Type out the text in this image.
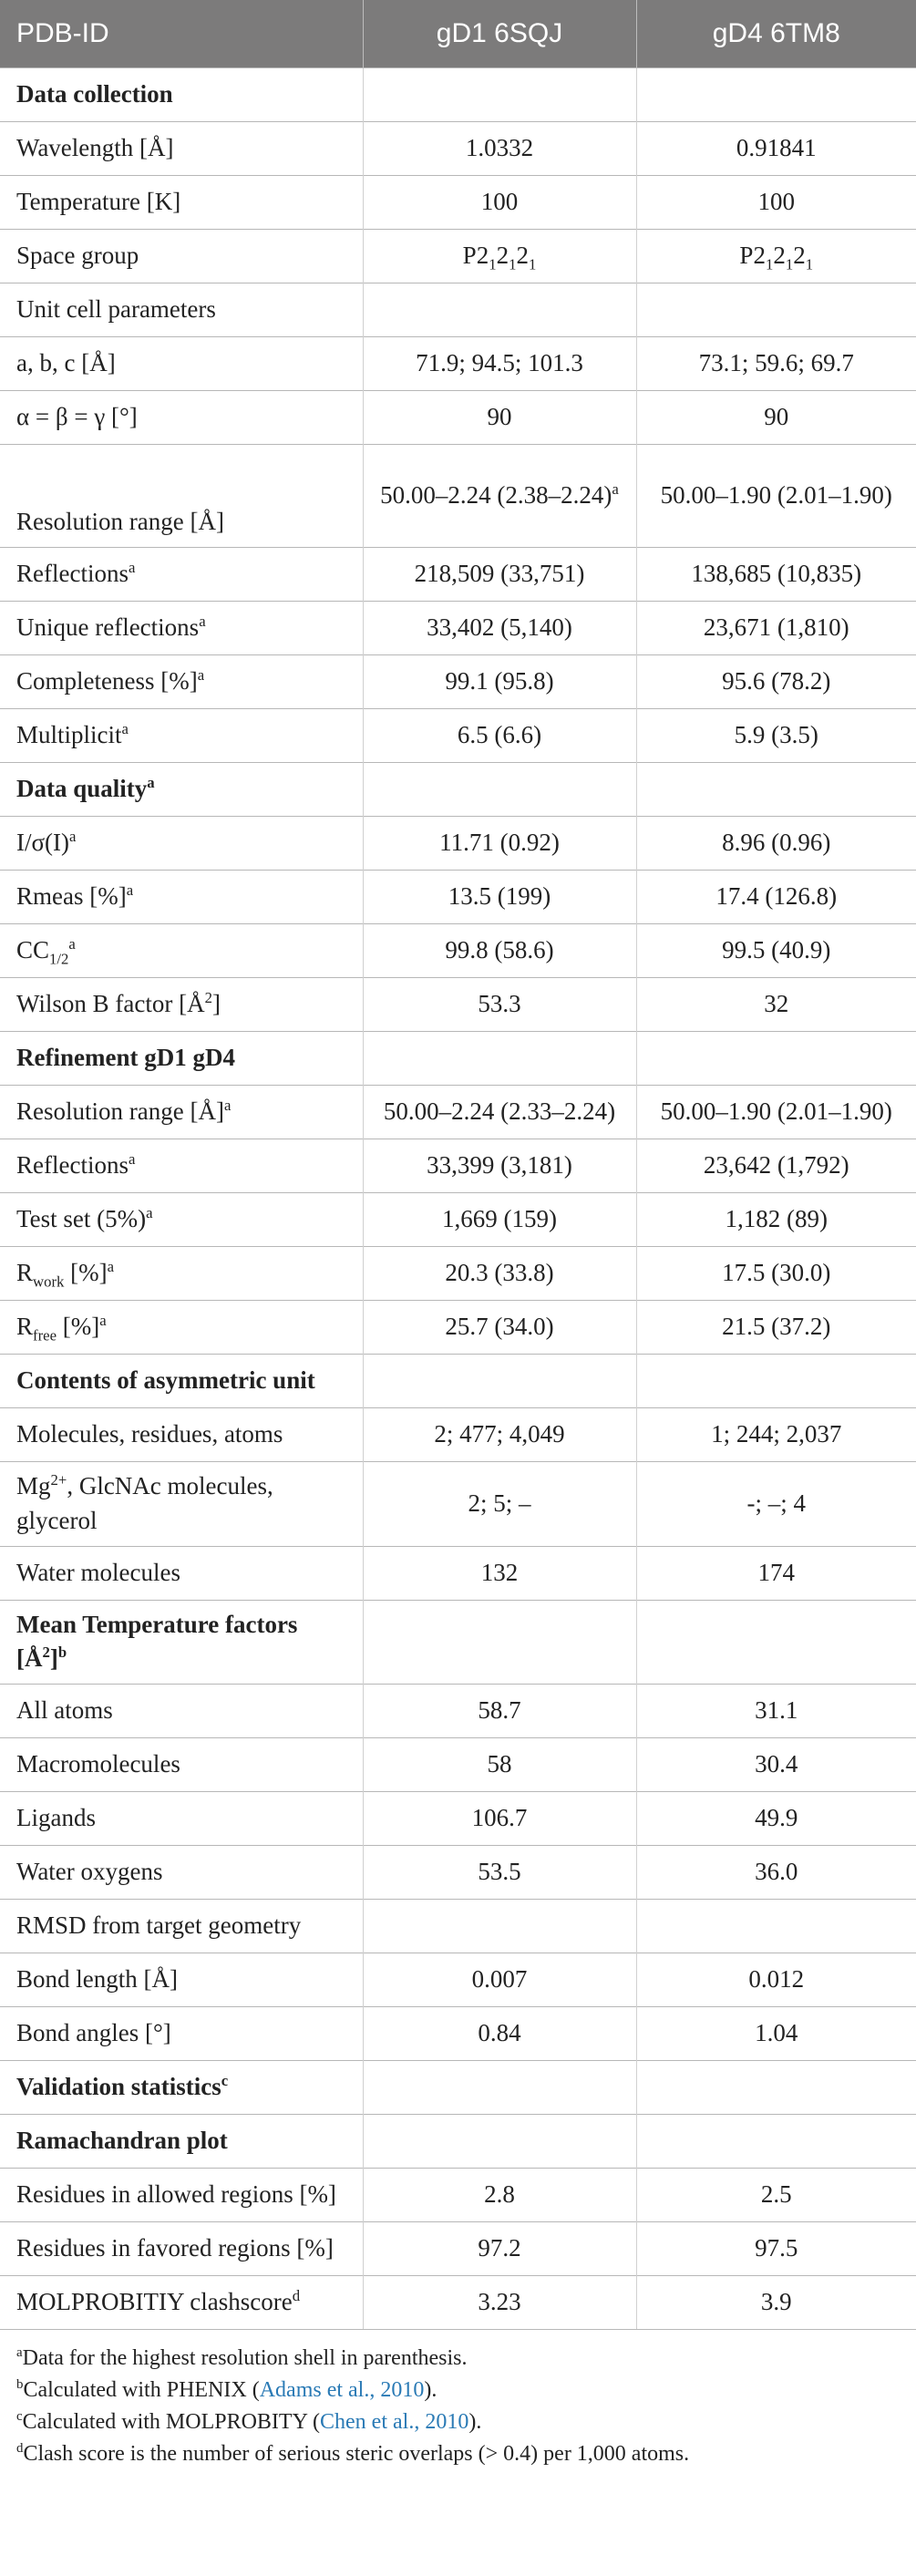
PDB-ID	gD1 6SQJ	gD4 6TM8
Data collection		
Wavelength [Å]	1.0332	0.91841
Temperature [K]	100	100
Space group	$P2_12_12_1$	$P2_12_12_1$
Unit cell parameters		
a, b, c [Å]	71.9; 94.5; 101.3	73.1; 59.6; 69.7
α = β = γ [°]	90	90
Resolution range [Å]	50.00–2.24 $(2.38-2.24)^a$	50.00–1.90 (2.01–1.90)
Reflections$^a$	218,509 (33,751)	138,685 (10,835)
Unique reflections$^a$	33,402 (5,140)	23,671 (1,810)
Completeness [%]$^a$	99.1 (95.8)	95.6 (78.2)
Multiplicit$^a$	6.5 (6.6)	5.9 (3.5)
Data quality$^a$		
$I/\sigma(I)^a$	11.71 (0.92)	8.96 (0.96)
Rmeas [%]$^a$	13.5 (199)	17.4 (126.8)
$CC_{1/2}^a$	99.8 (58.6)	99.5 (40.9)
Wilson B factor $[Å^2]$	53.3	32
Refinement gD1 gD4		
Resolution range [Å]$^a$	50.00–2.24 (2.33–2.24)	50.00–1.90 (2.01–1.90)
Reflections$^a$	33,399 (3,181)	23,642 (1,792)
Test set $(5\%)^a$	1,669 (159)	1,182 (89)
$R_{work}$ [%]$^a$	20.3 (33.8)	17.5 (30.0)
$R_{free}$ [%]$^a$	25.7 (34.0)	21.5 (37.2)
Contents of asymmetric unit		
Molecules, residues, atoms	2; 477; 4,049	1; 244; 2,037
$Mg^{2+}$, GlcNAc molecules, glycerol	2; 5; –	-; –; 4
Water molecules	132	174
Mean Temperature factors $[Å^2]^b$		
All atoms	58.7	31.1
Macromolecules	58	30.4
Ligands	106.7	49.9
Water oxygens	53.5	36.0
RMSD from target geometry		
Bond length [Å]	0.007	0.012
Bond angles [°]	0.84	1.04
Validation statistics$^c$		
Ramachandran plot		
Residues in allowed regions [%]	2.8	2.5
Residues in favored regions [%]	97.2	97.5
MOLPROBITIY clashscore$^d$	3.23	3.9

$^a$Data for the highest resolution shell in parenthesis.

$^b$Calculated with PHENIX (Adams et al., 2010).

$^c$Calculated with MOLPROBITY (Chen et al., 2010).

$^d$Clash score is the number of serious steric overlaps (> 0.4) per 1,000 atoms.
